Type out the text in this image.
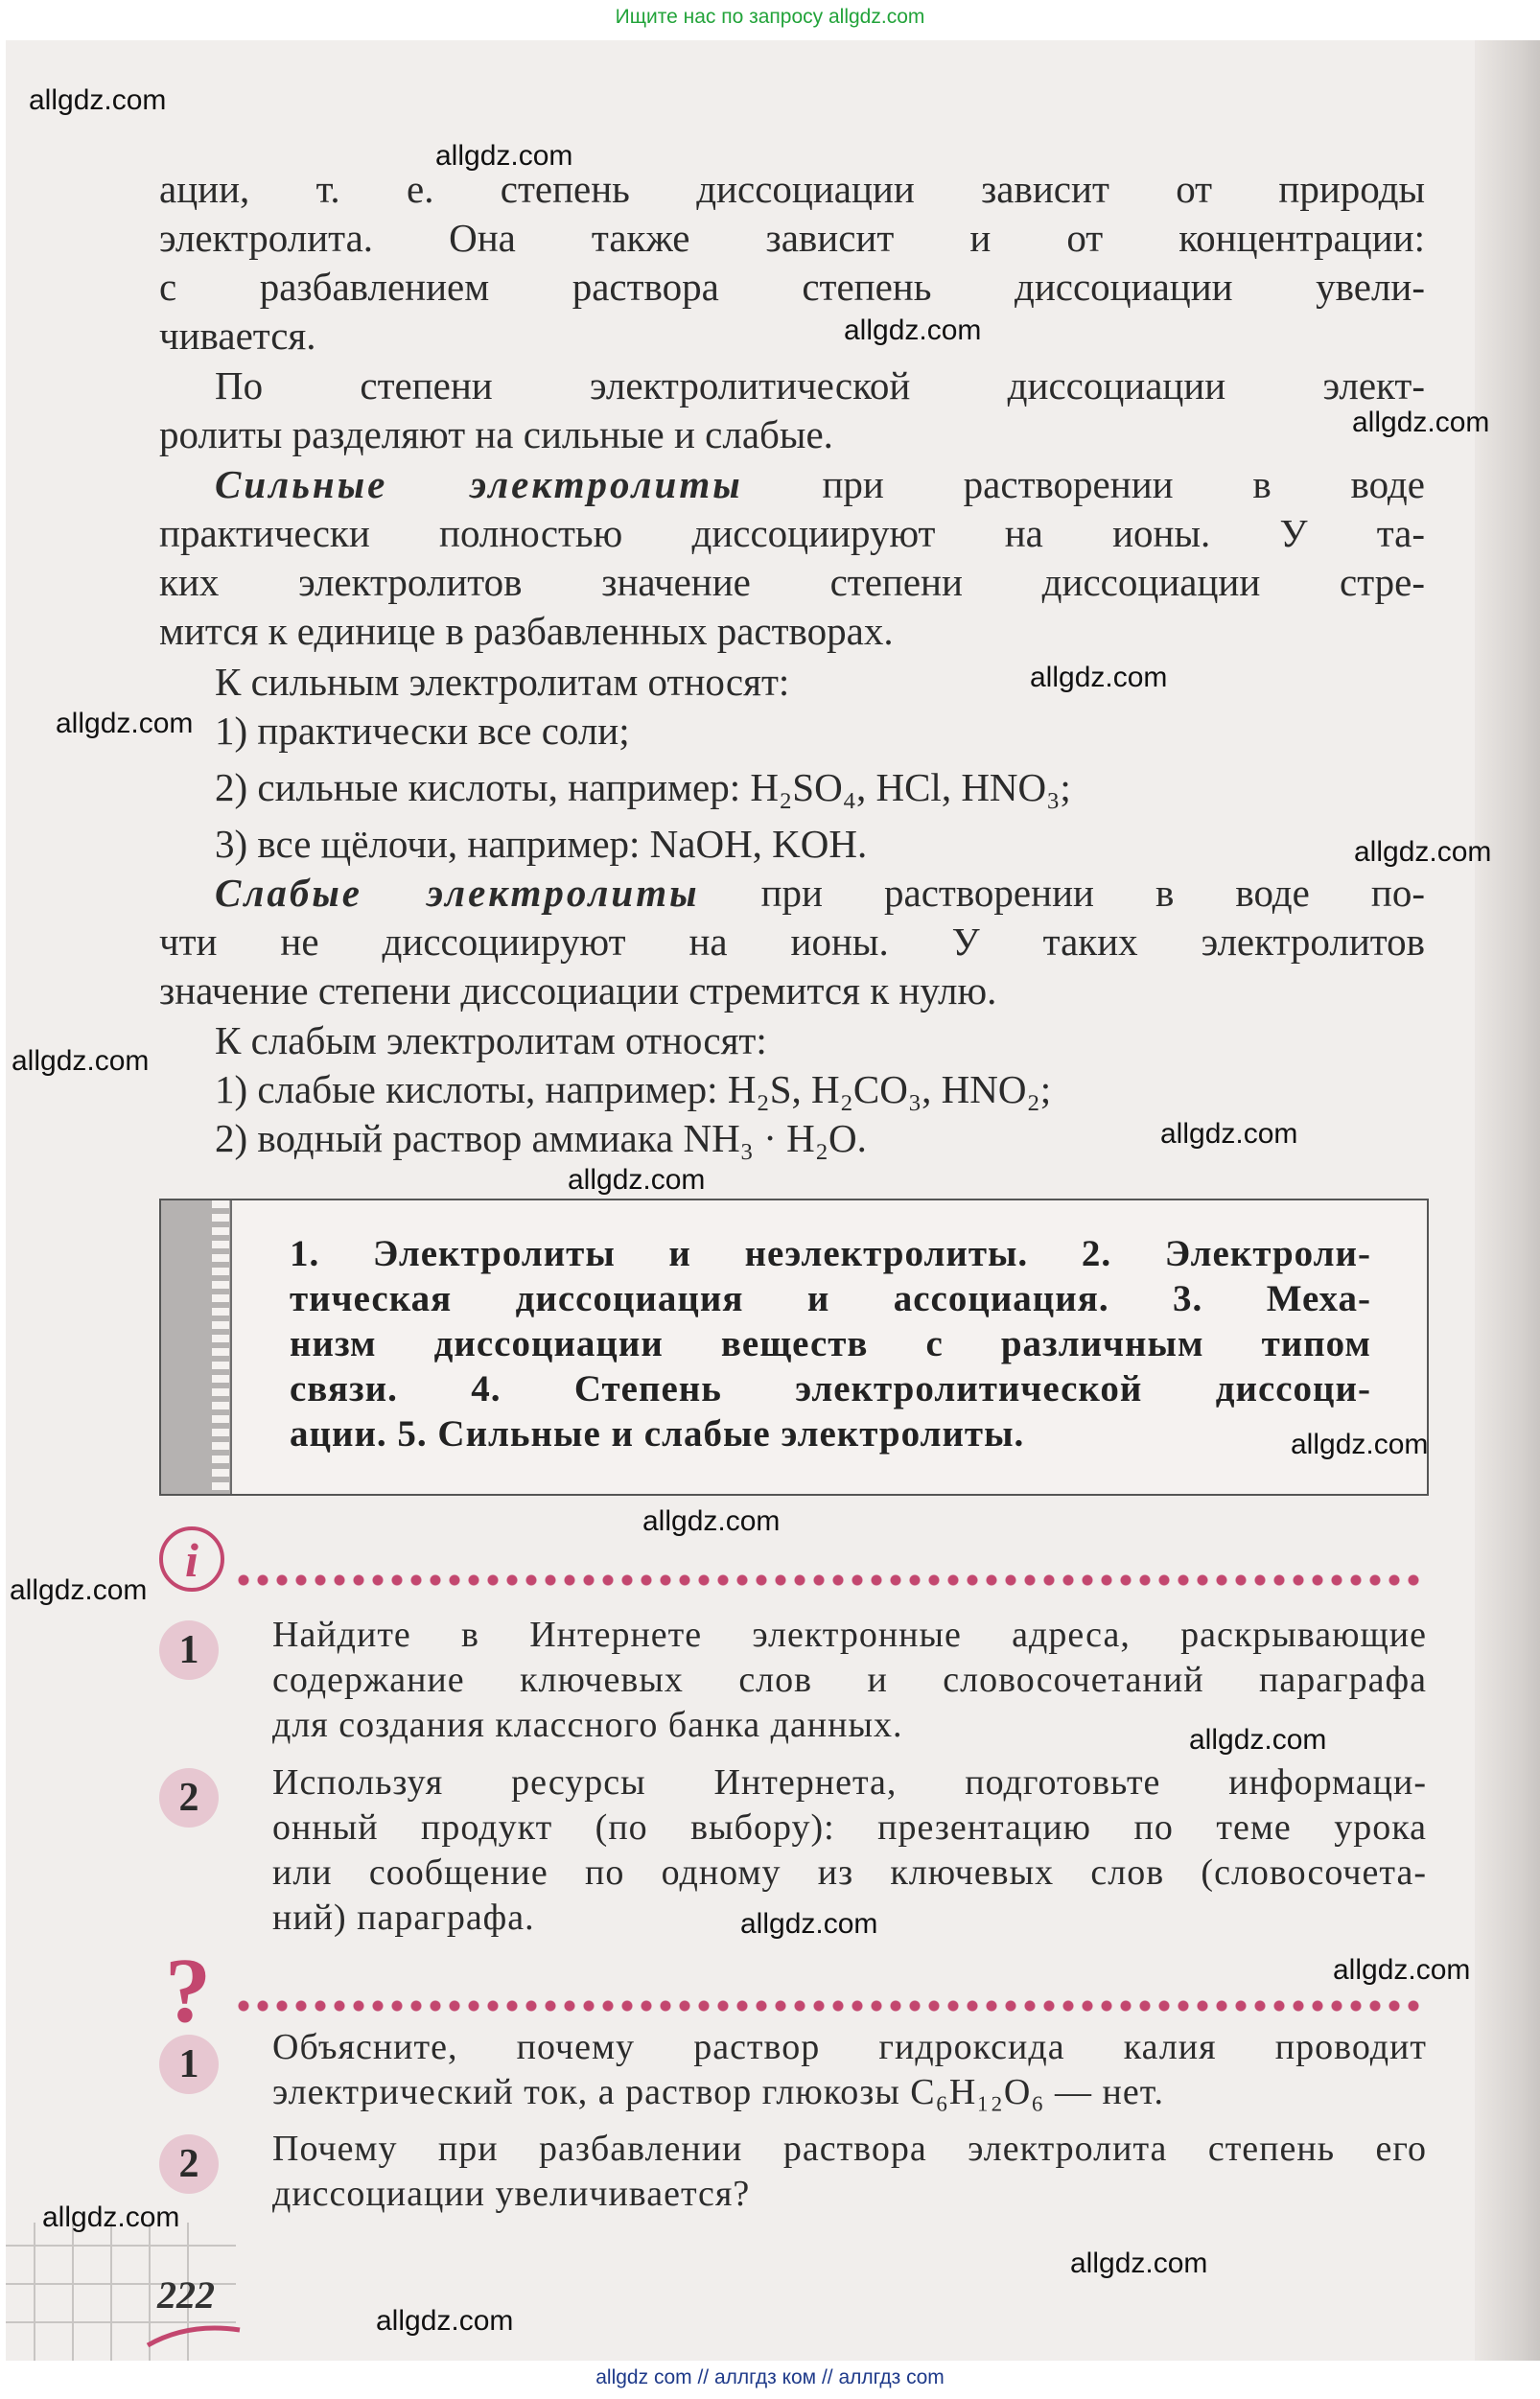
Ищите нас по запросу allgdz.com
ации, т. е. степень диссоциации зависит от природы
электролита. Она также зависит и от концентрации:
с разбавлением раствора степень диссоциации увели-
чивается.
По степени электролитической диссоциации элект-
ролиты разделяют на сильные и слабые.
Сильные электролиты при растворении в воде
практически полностью диссоциируют на ионы. У та-
ких электролитов значение степени диссоциации стре-
мится к единице в разбавленных растворах.
К сильным электролитам относят:
1) практически все соли;
2) сильные кислоты, например: H₂SO₄, HCl, HNO₃;
3) все щёлочи, например: NaOH, KOH.
Слабые электролиты при растворении в воде по-
чти не диссоциируют на ионы. У таких электролитов
значение степени диссоциации стремится к нулю.
К слабым электролитам относят:
1) слабые кислоты, например: H₂S, H₂CO₃, HNO₂;
2) водный раствор аммиака NH₃ · H₂O.
1. Электролиты и неэлектролиты. 2. Электроли-
тическая диссоциация и ассоциация. 3. Меха-
низм диссоциации веществ с различным типом
связи. 4. Степень электролитической диссоци-
ации. 5. Сильные и слабые электролиты.
i
1	Найдите в Интернете электронные адреса, раскрывающие
содержание ключевых слов и словосочетаний параграфа
для создания классного банка данных.
2	Используя ресурсы Интернета, подготовьте информаци-
онный продукт (по выбору): презентацию по теме урока
или сообщение по одному из ключевых слов (словосочета-
ний) параграфа.
?
1	Объясните, почему раствор гидроксида калия проводит
электрический ток, а раствор глюкозы C₆H₁₂O₆ — нет.
2	Почему при разбавлении раствора электролита степень его
диссоциации увеличивается?
222
allgdz.com
allgdz.com
allgdz.com
allgdz.com
allgdz.com
allgdz.com
allgdz.com
allgdz.com
allgdz.com
allgdz.com
allgdz.com
allgdz.com
allgdz.com
allgdz.com
allgdz.com
allgdz.com
allgdz.com
allgdz.com
allgdz.com
allgdz com // аллгдз ком // аллгдз com
